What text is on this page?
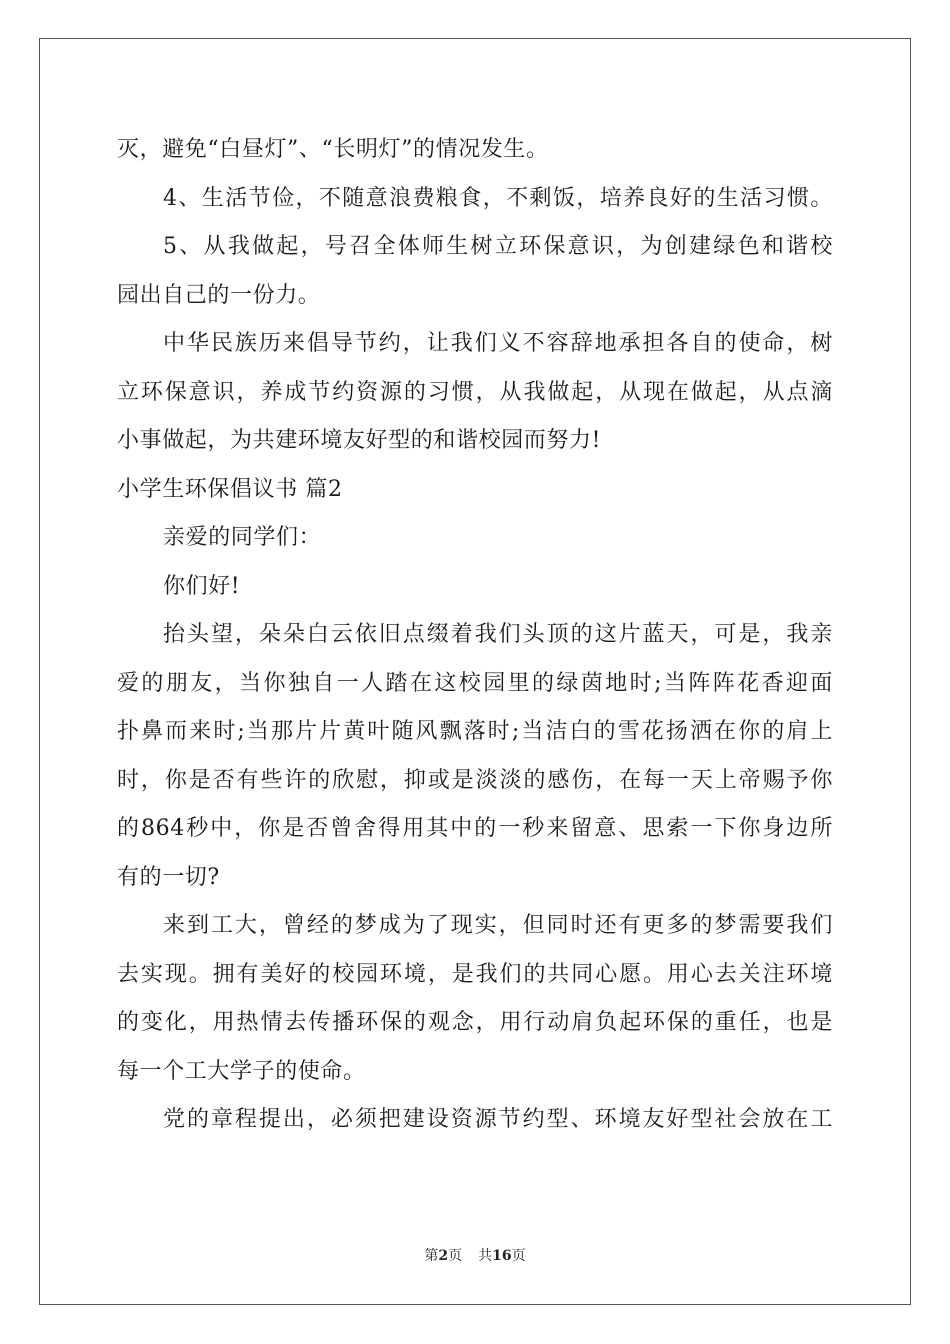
灭，避免“白昼灯”、“长明灯”的情况发生。
4、生活节俭，不随意浪费粮食，不剩饭，培养良好的生活习惯。
5、从我做起，号召全体师生树立环保意识，为创建绿色和谐校
园出自己的一份力。
中华民族历来倡导节约，让我们义不容辞地承担各自的使命，树
立环保意识，养成节约资源的习惯，从我做起，从现在做起，从点滴
小事做起，为共建环境友好型的和谐校园而努力!
小学生环保倡议书 篇2
亲爱的同学们：
你们好!
抬头望，朵朵白云依旧点缀着我们头顶的这片蓝天，可是，我亲
爱的朋友，当你独自一人踏在这校园里的绿茵地时;当阵阵花香迎面
扑鼻而来时;当那片片黄叶随风飘落时;当洁白的雪花扬洒在你的肩上
时，你是否有些许的欣慰，抑或是淡淡的感伤，在每一天上帝赐予你
的864秒中，你是否曾舍得用其中的一秒来留意、思索一下你身边所
有的一切?
来到工大，曾经的梦成为了现实，但同时还有更多的梦需要我们
去实现。拥有美好的校园环境，是我们的共同心愿。用心去关注环境
的变化，用热情去传播环保的观念，用行动肩负起环保的重任，也是
每一个工大学子的使命。
党的章程提出，必须把建设资源节约型、环境友好型社会放在工
第2页 共16页
